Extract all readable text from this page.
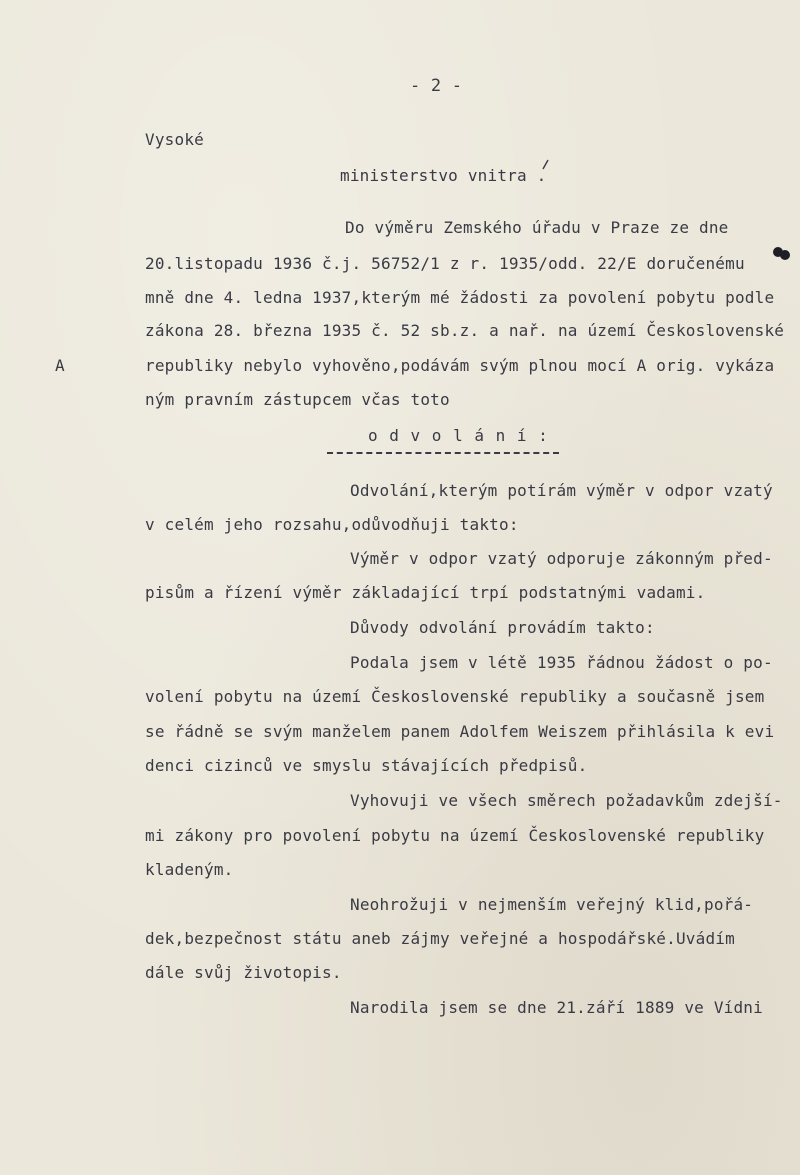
- 2 -
Vysoké
ministerstvo vnitra .
Do výměru Zemského úřadu v Praze ze dne
20.listopadu 1936 č.j. 56752/1 z r. 1935/odd. 22/E doručenému
mně dne 4. ledna 1937,kterým mé žádosti za povolení pobytu podle
zákona 28. března 1935 č. 52 sb.z. a nař. na území Československé
A	republiky nebylo vyhověno,podávám svým plnou mocí A orig. vykáza
ným pravním zástupcem včas toto
o d v o l á n í :
Odvolání,kterým potírám výměr v odpor vzatý
v celém jeho rozsahu,odůvodňuji takto:
Výměr v odpor vzatý odporuje zákonným před-
pisům a řízení výměr základající trpí podstatnými vadami.
Důvody odvolání provádím takto:
Podala jsem v létě 1935 řádnou žádost o po-
volení pobytu na území Československé republiky a současně jsem
se řádně se svým manželem panem Adolfem Weiszem přihlásila k evi
denci cizinců ve smyslu stávajících předpisů.
Vyhovuji ve všech směrech požadavkům zdejší-
mi zákony pro povolení pobytu na území Československé republiky
kladeným.
Neohrožuji v nejmenším veřejný klid,pořá-
dek,bezpečnost státu aneb zájmy veřejné a hospodářské.Uvádím
dále svůj životopis.
Narodila jsem se dne 21.září 1889 ve Vídni
